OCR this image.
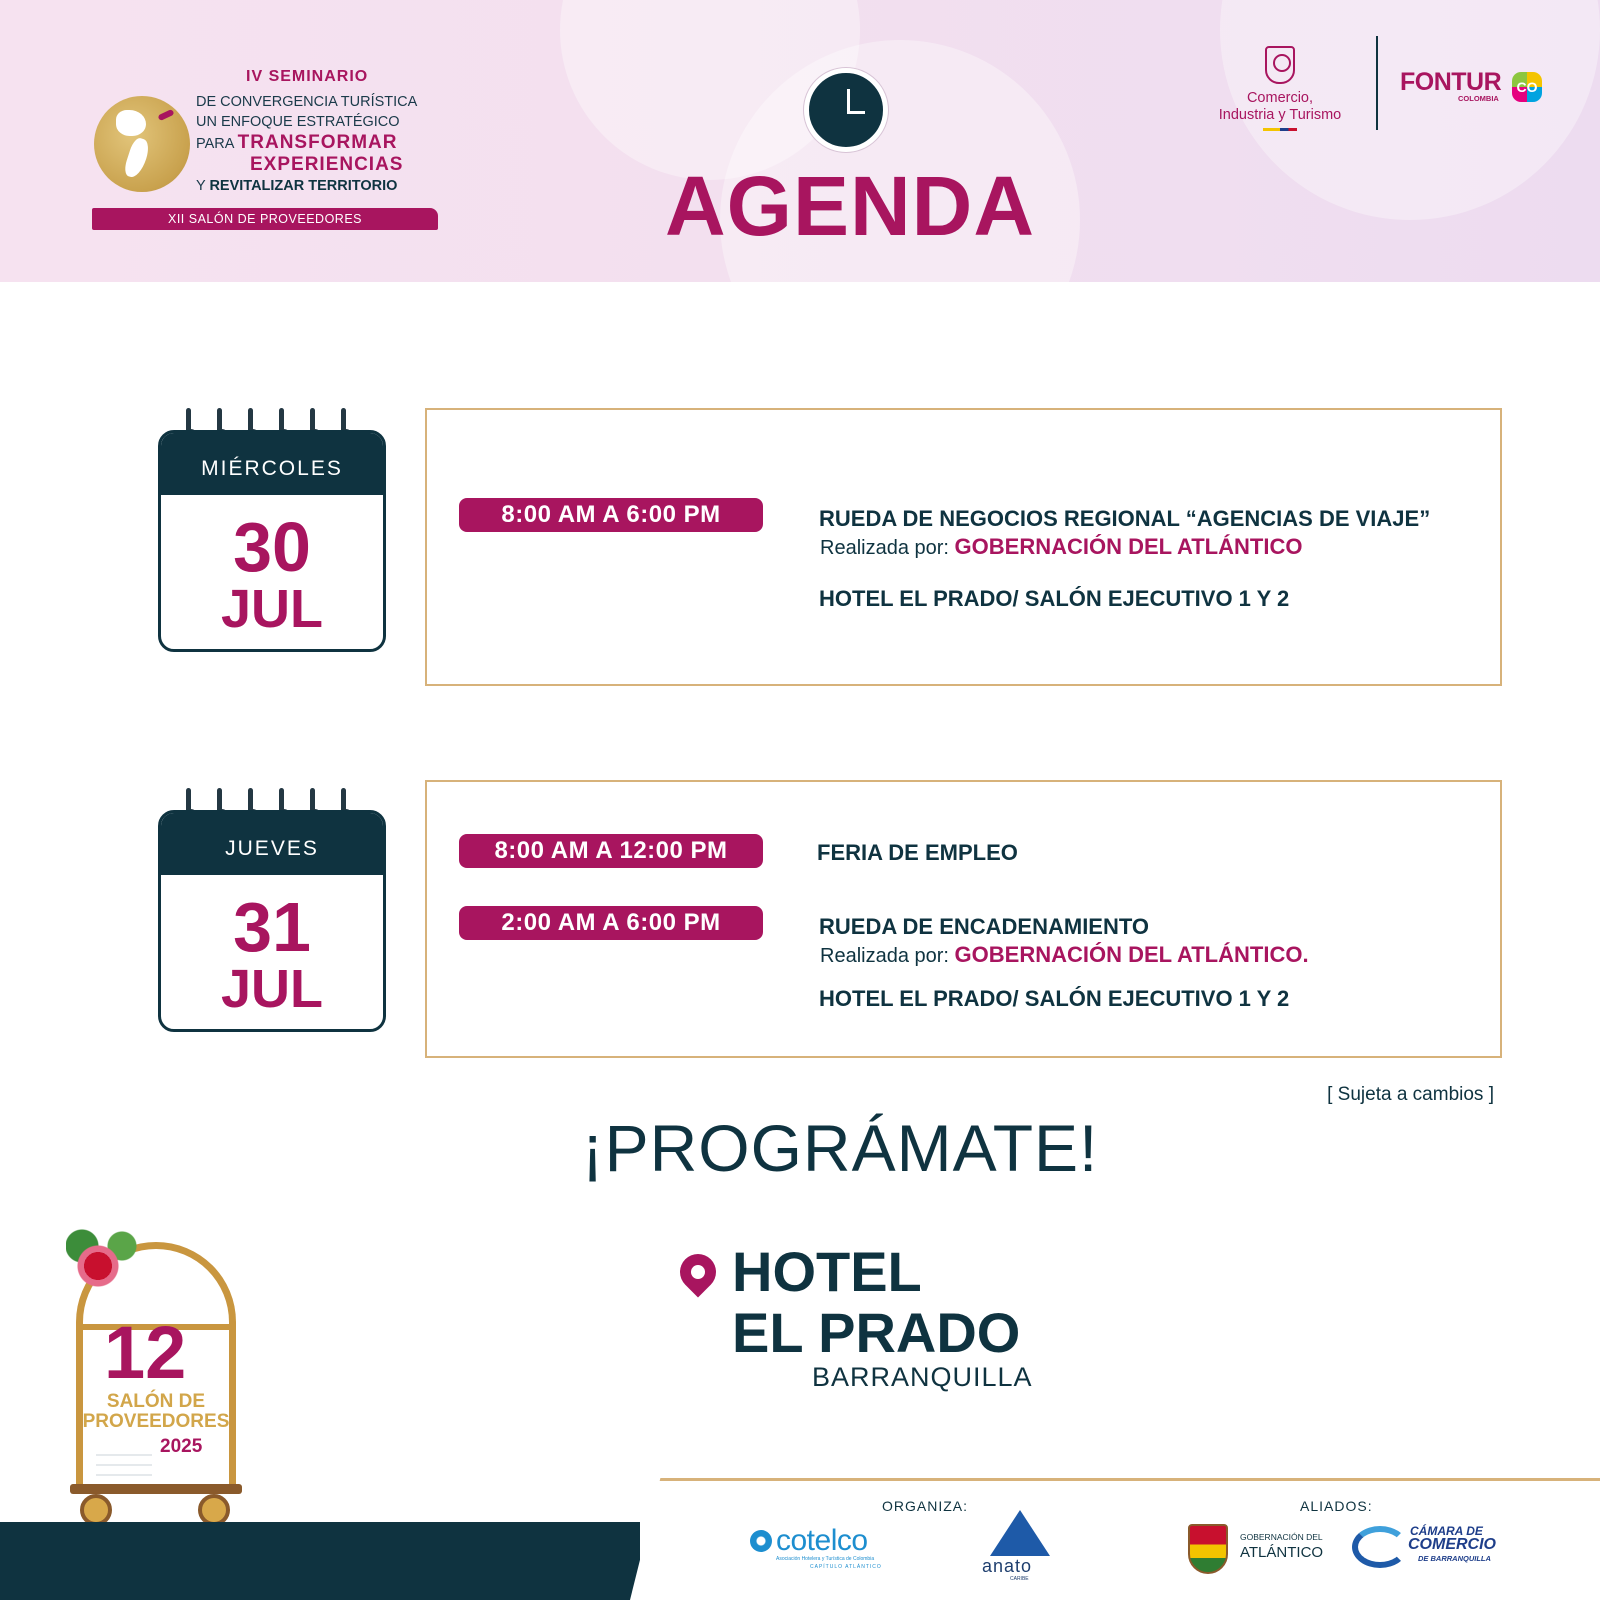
IV SEMINARIO
DE CONVERGENCIA TURÍSTICA
UN ENFOQUE ESTRATÉGICO
PARA TRANSFORMAR
EXPERIENCIAS
Y REVITALIZAR TERRITORIO
XII SALÓN DE PROVEEDORES	AGENDA
Comercio,
Industria y Turismo
FONTUR
COLOMBIA
CO
MIÉRCOLES
30
JUL
8:00 AM A 6:00 PM	RUEDA DE NEGOCIOS REGIONAL “AGENCIAS DE VIAJE”
Realizada por: GOBERNACIÓN DEL ATLÁNTICO
HOTEL EL PRADO/ SALÓN EJECUTIVO 1 Y 2
JUEVES
31
JUL
8:00 AM A 12:00 PM	FERIA DE EMPLEO
2:00 AM A 6:00 PM	RUEDA DE ENCADENAMIENTO
Realizada por: GOBERNACIÓN DEL ATLÁNTICO.
HOTEL EL PRADO/ SALÓN EJECUTIVO 1 Y 2
[ Sujeta a cambios ]
¡PROGRÁMATE!
HOTEL
EL PRADO
BARRANQUILLA
12
SALÓN DE
PROVEEDORES
2025
ORGANIZA:	ALIADOS:
cotelco
Asociación Hotelera y Turística de Colombia
CAPÍTULO ATLÁNTICO	anato
CARIBE
GOBERNACIÓN DEL
ATLÁNTICO
CÁMARA DE
COMERCIO
DE BARRANQUILLA
